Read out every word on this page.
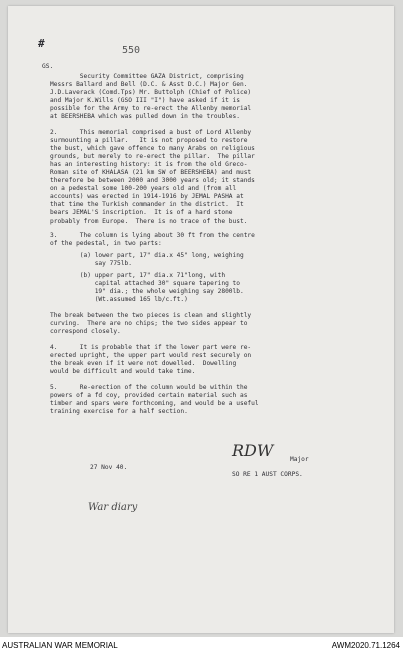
#
550
GS.
Security Committee GAZA District, comprising
Messrs Ballard and Bell (D.C. & Asst D.C.) Major Gen.
J.D.Laverack (Comd.Tps) Mr. Buttolph (Chief of Police)
and Major K.Wills (GSO III "I") have asked if it is
possible for the Army to re-erect the Allenby memorial
at BEERSHEBA which was pulled down in the troubles.
2.      This memorial comprised a bust of Lord Allenby
surmounting a pillar.   It is not proposed to restore
the bust, which gave offence to many Arabs on religious
grounds, but merely to re-erect the pillar.  The pillar
has an interesting history: it is from the old Greco-
Roman site of KHALASA (21 km SW of BEERSHEBA) and must
therefore be between 2000 and 3000 years old; it stands
on a pedestal some 100-200 years old and (from all
accounts) was erected in 1914-1916 by JEMAL PASHA at
that time the Turkish commander in the district.  It
bears JEMAL'S inscription.  It is of a hard stone
probably from Europe.  There is no trace of the bust.
3.      The column is lying about 30 ft from the centre
of the pedestal, in two parts:
(a) lower part, 17" dia.x 45" long, weighing
say 775lb.
(b) upper part, 17" dia.x 71"long, with
capital attached 30" square tapering to
19" dia.; the whole weighing say 2800lb.
(Wt.assumed 165 lb/c.ft.)
The break between the two pieces is clean and slightly
curving.  There are no chips; the two sides appear to
correspond closely.
4.      It is probable that if the lower part were re-
erected upright, the upper part would rest securely on
the break even if it were not dowelled.  Dowelling
would be difficult and would take time.
5.      Re-erection of the column would be within the
powers of a fd coy, provided certain material such as
timber and spars were forthcoming, and would be a useful
training exercise for a half section.
RDW	Major
27 Nov 40.
SO RE 1 AUST CORPS.
War diary
AUSTRALIAN WAR MEMORIAL	AWM2020.71.1264
